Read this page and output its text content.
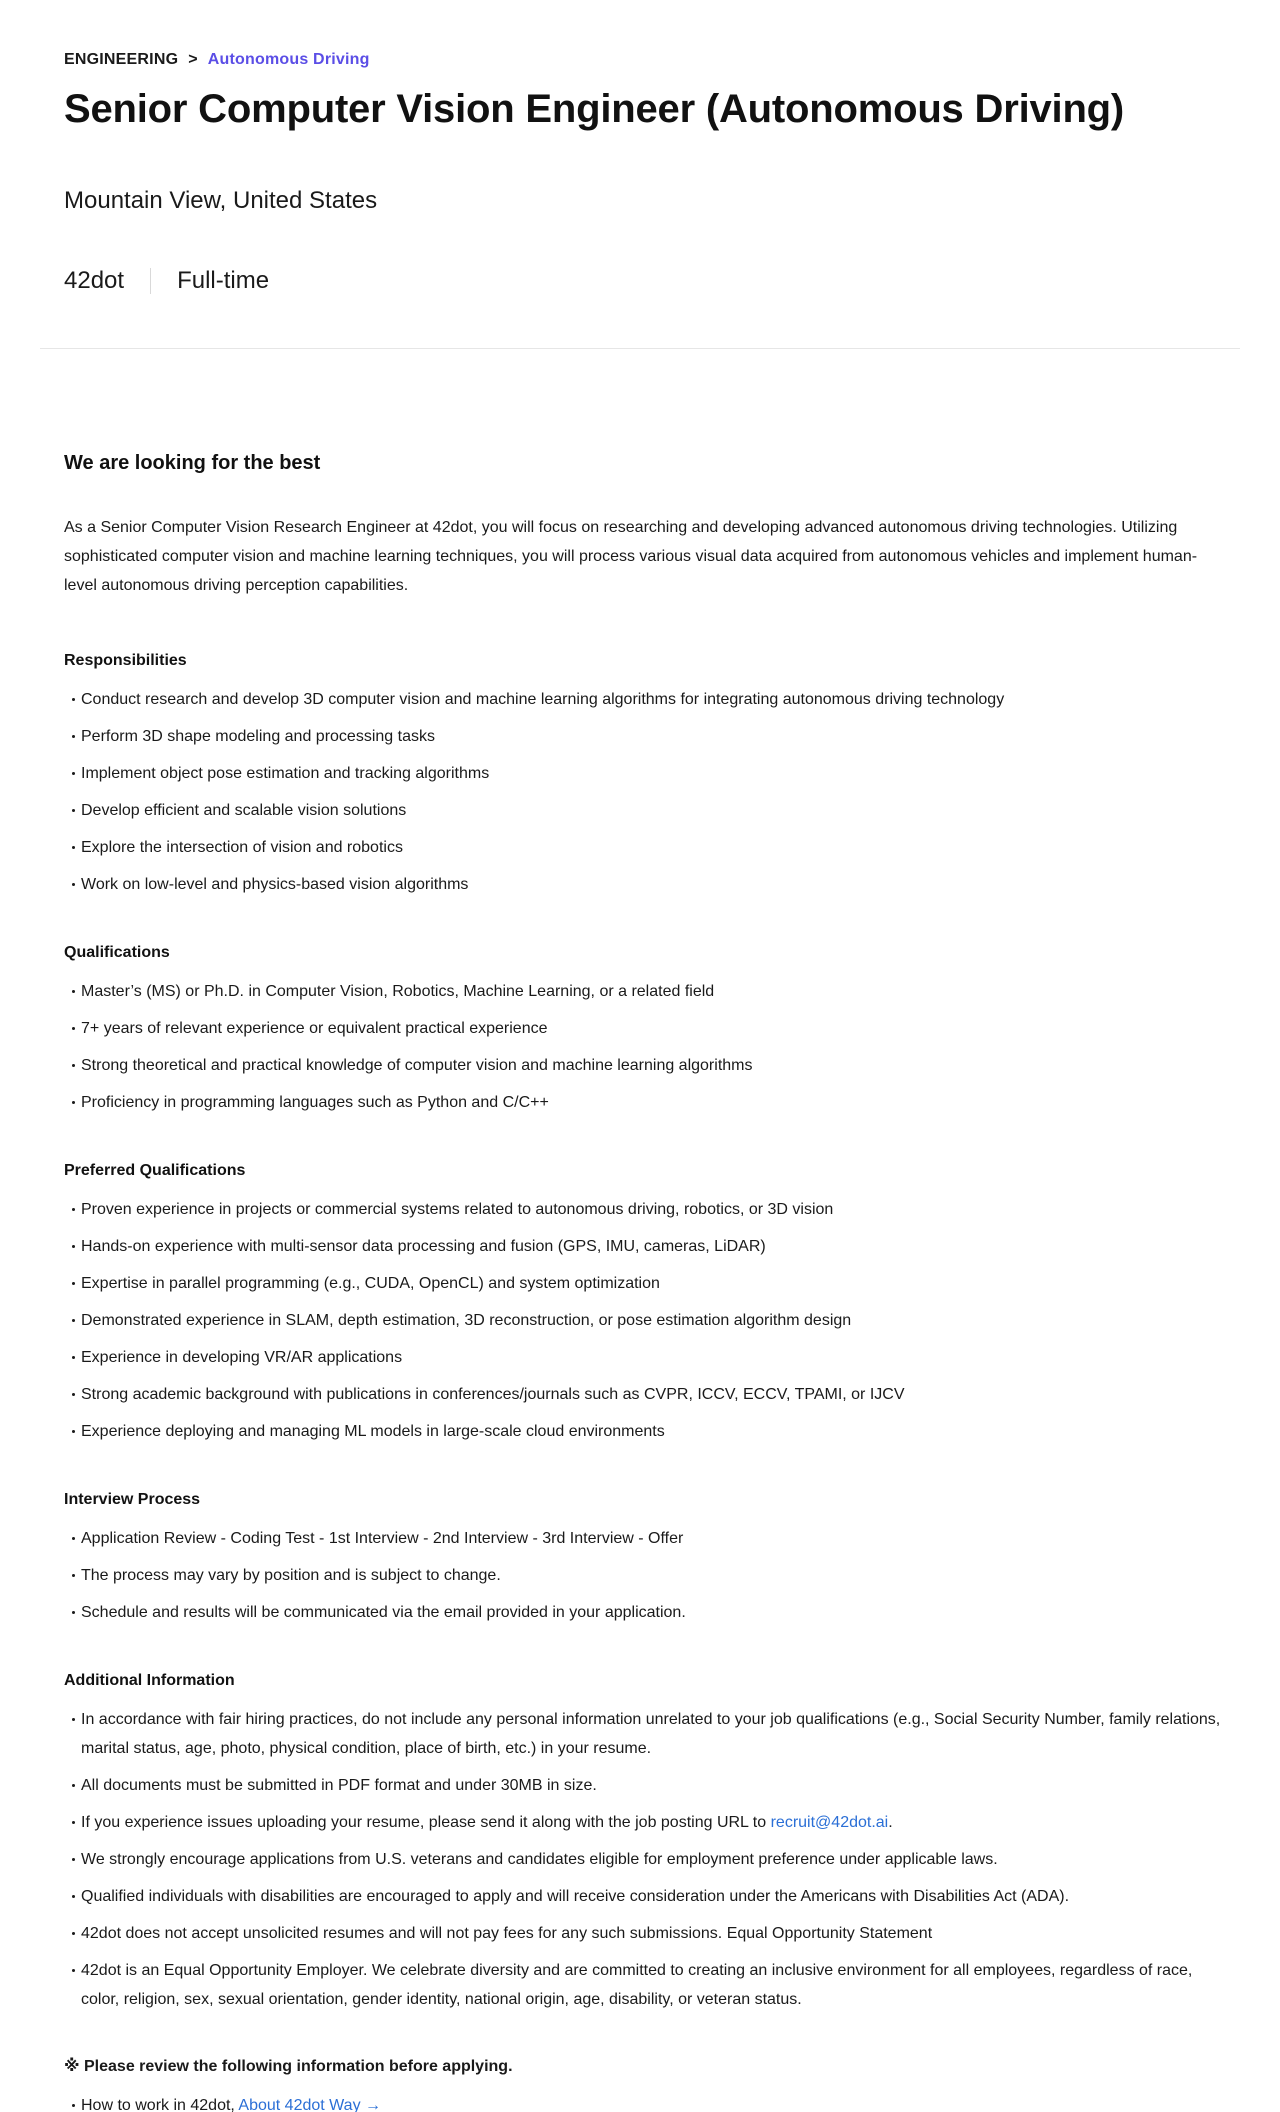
ENGINEERING > Autonomous Driving
Senior Computer Vision Engineer (Autonomous Driving)
Mountain View, United States
42dot Full-time
We are looking for the best

As a Senior Computer Vision Research Engineer at 42dot, you will focus on researching and developing advanced autonomous driving technologies. Utilizing sophisticated computer vision and machine learning techniques, you will process various visual data acquired from autonomous vehicles and implement human-level autonomous driving perception capabilities.

Responsibilities
Conduct research and develop 3D computer vision and machine learning algorithms for integrating autonomous driving technology
Perform 3D shape modeling and processing tasks
Implement object pose estimation and tracking algorithms
Develop efficient and scalable vision solutions
Explore the intersection of vision and robotics
Work on low-level and physics-based vision algorithms
Qualifications
Master’s (MS) or Ph.D. in Computer Vision, Robotics, Machine Learning, or a related field
7+ years of relevant experience or equivalent practical experience
Strong theoretical and practical knowledge of computer vision and machine learning algorithms
Proficiency in programming languages such as Python and C/C++
Preferred Qualifications
Proven experience in projects or commercial systems related to autonomous driving, robotics, or 3D vision
Hands-on experience with multi-sensor data processing and fusion (GPS, IMU, cameras, LiDAR)
Expertise in parallel programming (e.g., CUDA, OpenCL) and system optimization
Demonstrated experience in SLAM, depth estimation, 3D reconstruction, or pose estimation algorithm design
Experience in developing VR/AR applications
Strong academic background with publications in conferences/journals such as CVPR, ICCV, ECCV, TPAMI, or IJCV
Experience deploying and managing ML models in large-scale cloud environments
Interview Process
Application Review - Coding Test - 1st Interview - 2nd Interview - 3rd Interview - Offer
The process may vary by position and is subject to change.
Schedule and results will be communicated via the email provided in your application.
Additional Information
In accordance with fair hiring practices, do not include any personal information unrelated to your job qualifications (e.g., Social Security Number, family relations, marital status, age, photo, physical condition, place of birth, etc.) in your resume.
All documents must be submitted in PDF format and under 30MB in size.
If you experience issues uploading your resume, please send it along with the job posting URL to recruit@42dot.ai.
We strongly encourage applications from U.S. veterans and candidates eligible for employment preference under applicable laws.
Qualified individuals with disabilities are encouraged to apply and will receive consideration under the Americans with Disabilities Act (ADA).
42dot does not accept unsolicited resumes and will not pay fees for any such submissions. Equal Opportunity Statement
42dot is an Equal Opportunity Employer. We celebrate diversity and are committed to creating an inclusive environment for all employees, regardless of race, color, religion, sex, sexual orientation, gender identity, national origin, age, disability, or veteran status.
※ Please review the following information before applying.
How to work in 42dot, About 42dot Way →
